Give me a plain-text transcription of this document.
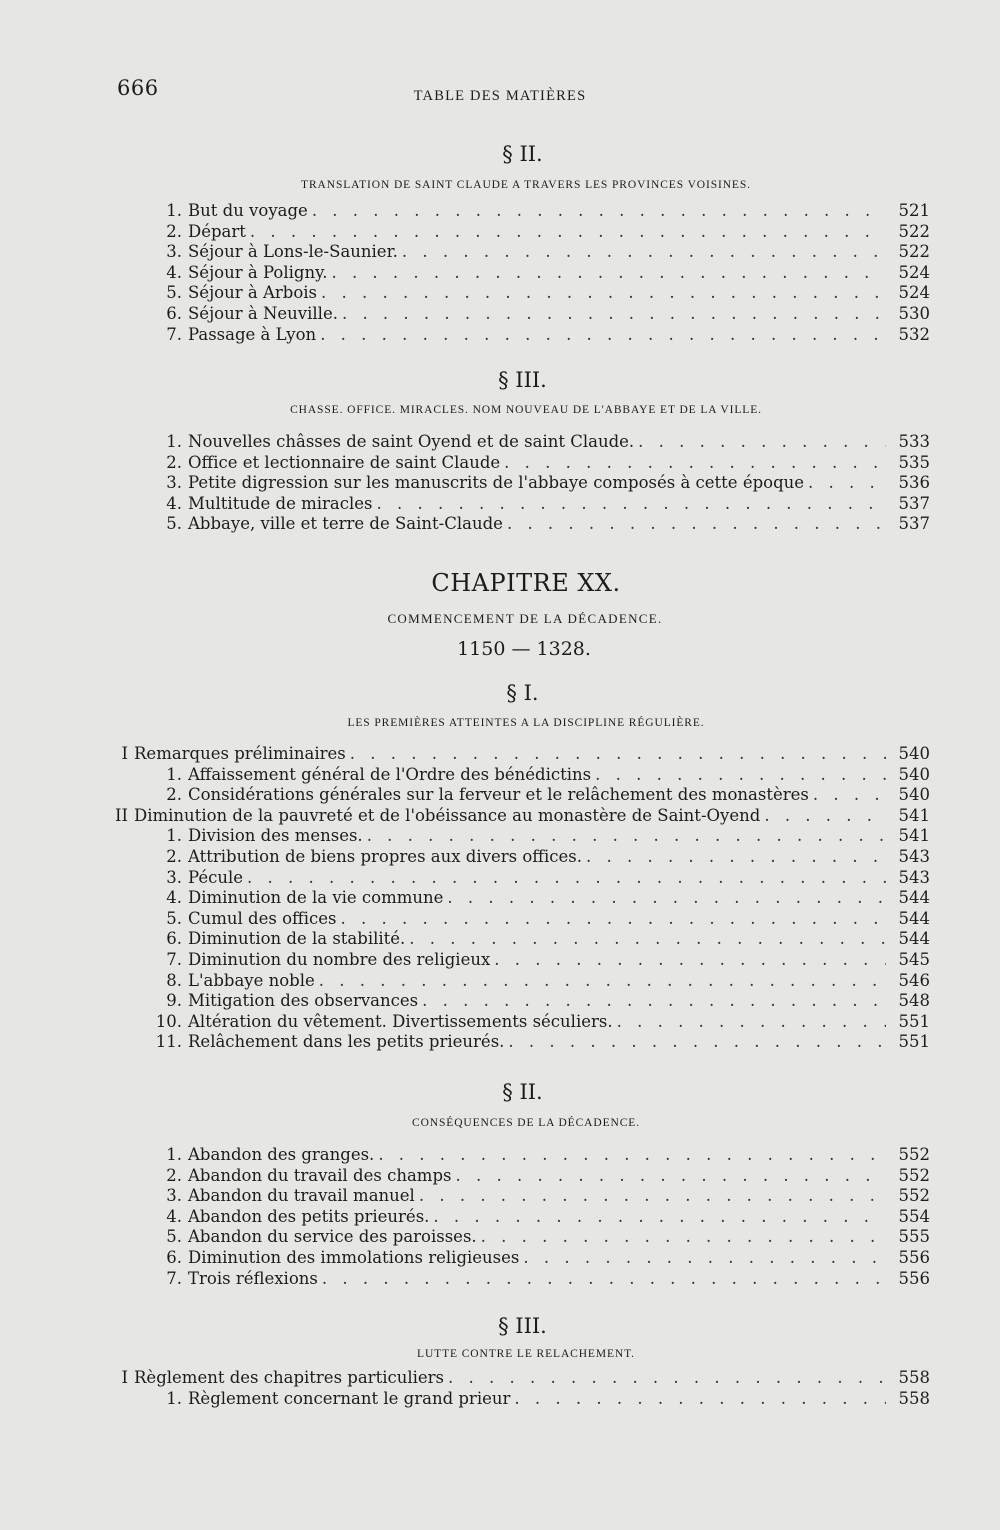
666	TABLE DES MATIÈRES
§ II.
TRANSLATION DE SAINT CLAUDE A TRAVERS LES PROVINCES VOISINES.
1. But du voyage . . .	521
2. Départ . . .	522
3. Séjour à Lons-le-Saunier. . . .	522
4. Séjour à Poligny. . . .	524
5. Séjour à Arbois . . .	524
6. Séjour à Neuville. . . .	530
7. Passage à Lyon . . .	532
§ III.
CHASSE. OFFICE. MIRACLES. NOM NOUVEAU DE L'ABBAYE ET DE LA VILLE.
1. Nouvelles châsses de saint Oyend et de saint Claude. . . .	533
2. Office et lectionnaire de saint Claude . . .	535
3. Petite digression sur les manuscrits de l'abbaye composés à cette époque . . .	536
4. Multitude de miracles . . .	537
5. Abbaye, ville et terre de Saint-Claude . . .	537
CHAPITRE XX.
COMMENCEMENT DE LA DÉCADENCE.
1150 — 1328.
§ I.
LES PREMIÈRES ATTEINTES A LA DISCIPLINE RÉGULIÈRE.
I Remarques préliminaires . . .	540
1. Affaissement général de l'Ordre des bénédictins . . .	540
2. Considérations générales sur la ferveur et le relâchement des monastères . . .	540
II Diminution de la pauvreté et de l'obéissance au monastère de Saint-Oyend . . .	541
1. Division des menses. . . .	541
2. Attribution de biens propres aux divers offices. . . .	543
3. Pécule . . .	543
4. Diminution de la vie commune . . .	544
5. Cumul des offices . . .	544
6. Diminution de la stabilité. . . .	544
7. Diminution du nombre des religieux . . .	545
8. L'abbaye noble . . .	546
9. Mitigation des observances . . .	548
10. Altération du vêtement. Divertissements séculiers. . . .	551
11. Relâchement dans les petits prieurés. . . .	551
§ II.
CONSÉQUENCES DE LA DÉCADENCE.
1. Abandon des granges. . . .	552
2. Abandon du travail des champs . . .	552
3. Abandon du travail manuel . . .	552
4. Abandon des petits prieurés. . . .	554
5. Abandon du service des paroisses. . . .	555
6. Diminution des immolations religieuses . . .	556
7. Trois réflexions . . .	556
§ III.
LUTTE CONTRE LE RELACHEMENT.
I Règlement des chapitres particuliers . . .	558
1. Règlement concernant le grand prieur . . .	558
